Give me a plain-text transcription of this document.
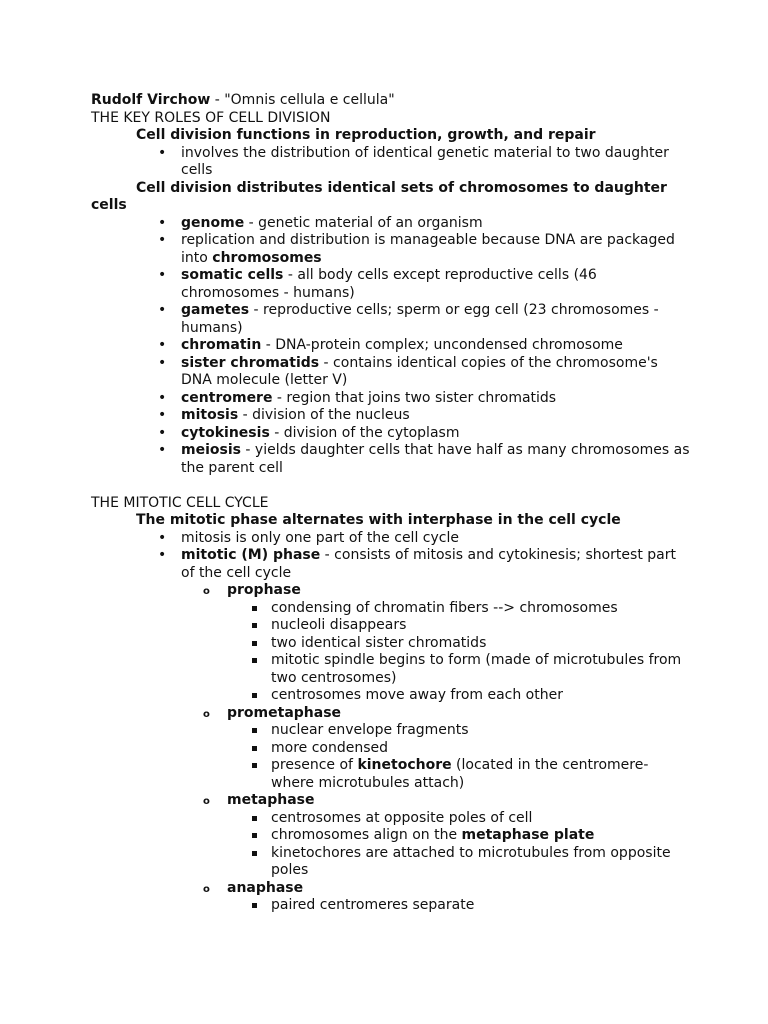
Rudolf Virchow - "Omnis cellula e cellula"

THE KEY ROLES OF CELL DIVISION

Cell division functions in reproduction, growth, and repair

• involves the distribution of identical genetic material to two daughter cells

Cell division distributes identical sets of chromosomes to daughter cells

• genome - genetic material of an organism
• replication and distribution is manageable because DNA are packaged into chromosomes
• somatic cells - all body cells except reproductive cells (46 chromosomes - humans)
• gametes - reproductive cells; sperm or egg cell (23 chromosomes - humans)
• chromatin - DNA-protein complex; uncondensed chromosome
• sister chromatids - contains identical copies of the chromosome's DNA molecule (letter V)
• centromere - region that joins two sister chromatids
• mitosis - division of the nucleus
• cytokinesis - division of the cytoplasm
• meiosis - yields daughter cells that have half as many chromosomes as the parent cell

THE MITOTIC CELL CYCLE

The mitotic phase alternates with interphase in the cell cycle

• mitosis is only one part of the cell cycle
• mitotic (M) phase - consists of mitosis and cytokinesis; shortest part of the cell cycle
o prophase
condensing of chromatin fibers --> chromosomes
nucleoli disappears
two identical sister chromatids
mitotic spindle begins to form (made of microtubules from two centrosomes)
centrosomes move away from each other
o prometaphase
nuclear envelope fragments
more condensed
presence of kinetochore (located in the centromere- where microtubules attach)
o metaphase
centrosomes at opposite poles of cell
chromosomes align on the metaphase plate
kinetochores are attached to microtubules from opposite poles
o anaphase
paired centromeres separate
